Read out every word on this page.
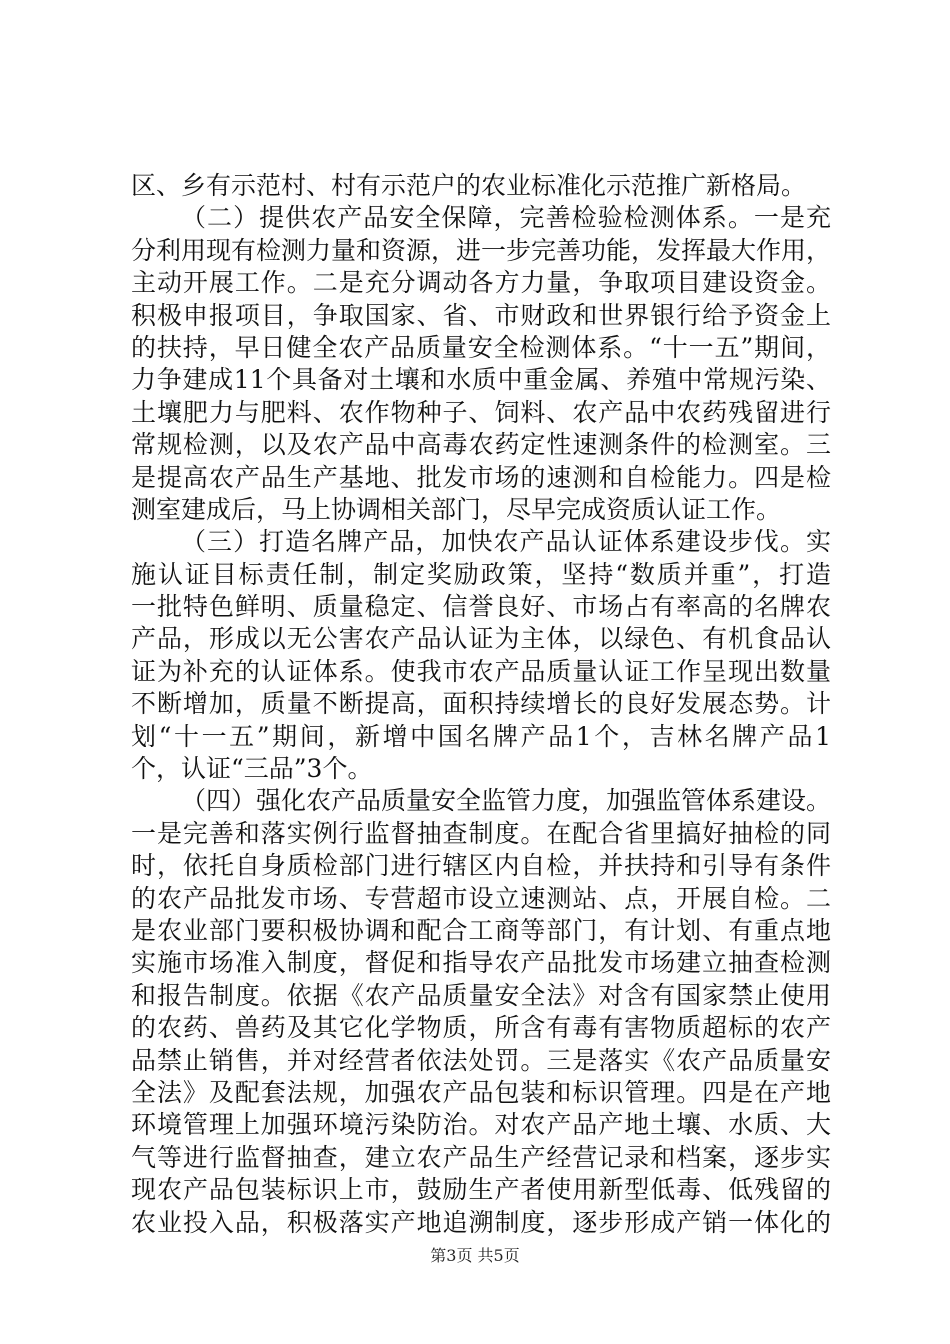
区、乡有示范村、村有示范户的农业标准化示范推广新格局。
（二）提供农产品安全保障，完善检验检测体系。一是充
分利用现有检测力量和资源，进一步完善功能，发挥最大作用，
主动开展工作。二是充分调动各方力量，争取项目建设资金。
积极申报项目，争取国家、省、市财政和世界银行给予资金上
的扶持，早日健全农产品质量安全检测体系。“十一五”期间，
力争建成11个具备对土壤和水质中重金属、养殖中常规污染、
土壤肥力与肥料、农作物种子、饲料、农产品中农药残留进行
常规检测，以及农产品中高毒农药定性速测条件的检测室。三
是提高农产品生产基地、批发市场的速测和自检能力。四是检
测室建成后，马上协调相关部门，尽早完成资质认证工作。
（三）打造名牌产品，加快农产品认证体系建设步伐。实
施认证目标责任制，制定奖励政策，坚持“数质并重”，打造
一批特色鲜明、质量稳定、信誉良好、市场占有率高的名牌农
产品，形成以无公害农产品认证为主体，以绿色、有机食品认
证为补充的认证体系。使我市农产品质量认证工作呈现出数量
不断增加，质量不断提高，面积持续增长的良好发展态势。计
划“十一五”期间，新增中国名牌产品1个，吉林名牌产品1
个，认证“三品”3个。
（四）强化农产品质量安全监管力度，加强监管体系建设。
一是完善和落实例行监督抽查制度。在配合省里搞好抽检的同
时，依托自身质检部门进行辖区内自检，并扶持和引导有条件
的农产品批发市场、专营超市设立速测站、点，开展自检。二
是农业部门要积极协调和配合工商等部门，有计划、有重点地
实施市场准入制度，督促和指导农产品批发市场建立抽查检测
和报告制度。依据《农产品质量安全法》对含有国家禁止使用
的农药、兽药及其它化学物质，所含有毒有害物质超标的农产
品禁止销售，并对经营者依法处罚。三是落实《农产品质量安
全法》及配套法规，加强农产品包装和标识管理。四是在产地
环境管理上加强环境污染防治。对农产品产地土壤、水质、大
气等进行监督抽查，建立农产品生产经营记录和档案，逐步实
现农产品包装标识上市，鼓励生产者使用新型低毒、低残留的
农业投入品，积极落实产地追溯制度，逐步形成产销一体化的
第3页 共5页
